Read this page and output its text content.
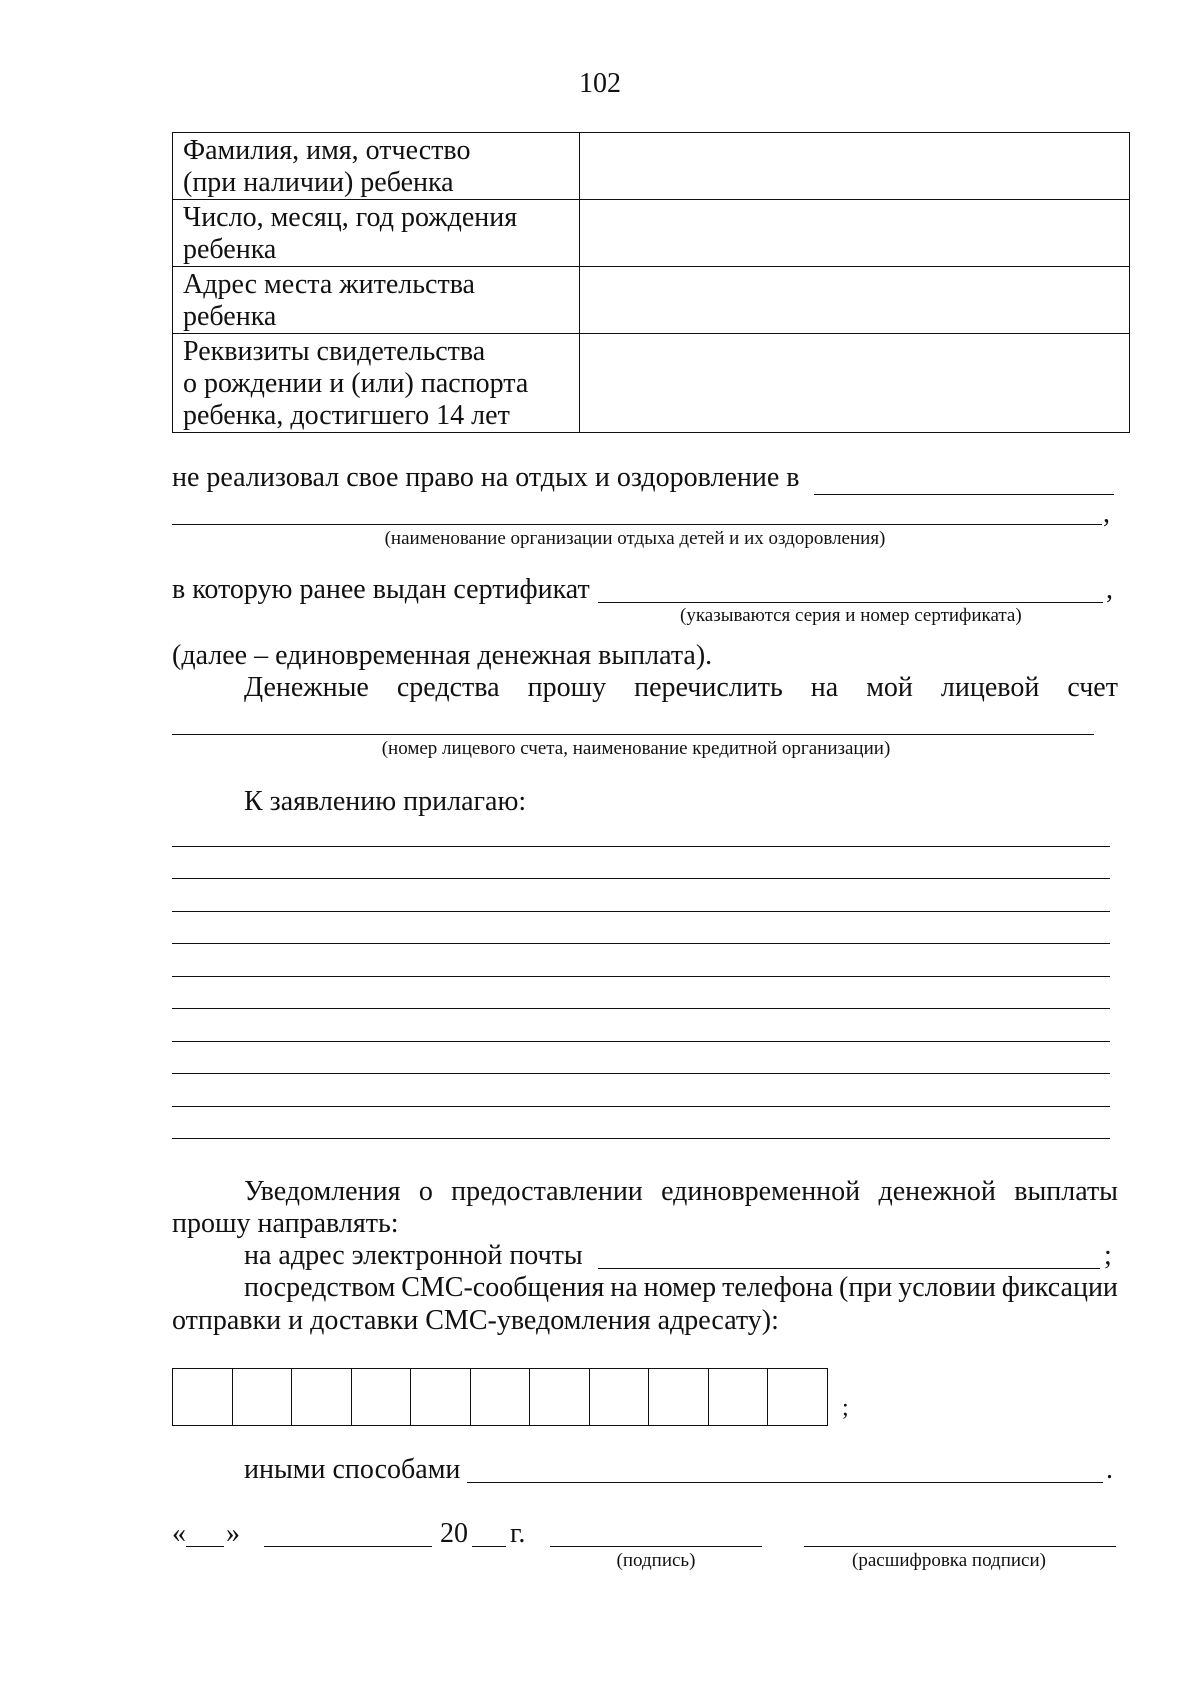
102
Фамилия, имя, отчество
(при наличии) ребенка	

Число, месяц, год рождения
ребенка	

Адрес места жительства
ребенка	

Реквизиты свидетельства
о рождении и (или) паспорта
ребенка, достигшего 14 лет	

не реализовал свое право на отдых и оздоровление в
,
(наименование организации отдыха детей и их оздоровления)
в которую ранее выдан сертификат	,
(указываются серия и номер сертификата)
(далее – единовременная денежная выплата).
Денежные средства прошу перечислить на мой лицевой счет
(номер лицевого счета, наименование кредитной организации)
К заявлению прилагаю:
Уведомления о предоставлении единовременной денежной выплаты
прошу направлять:
на адрес электронной почты	;
посредством СМС-сообщения на номер телефона (при условии фиксации
отправки и доставки СМС-уведомления адресату):
;
иными способами	.
« »	20 г.
(подпись)	(расшифровка подписи)
